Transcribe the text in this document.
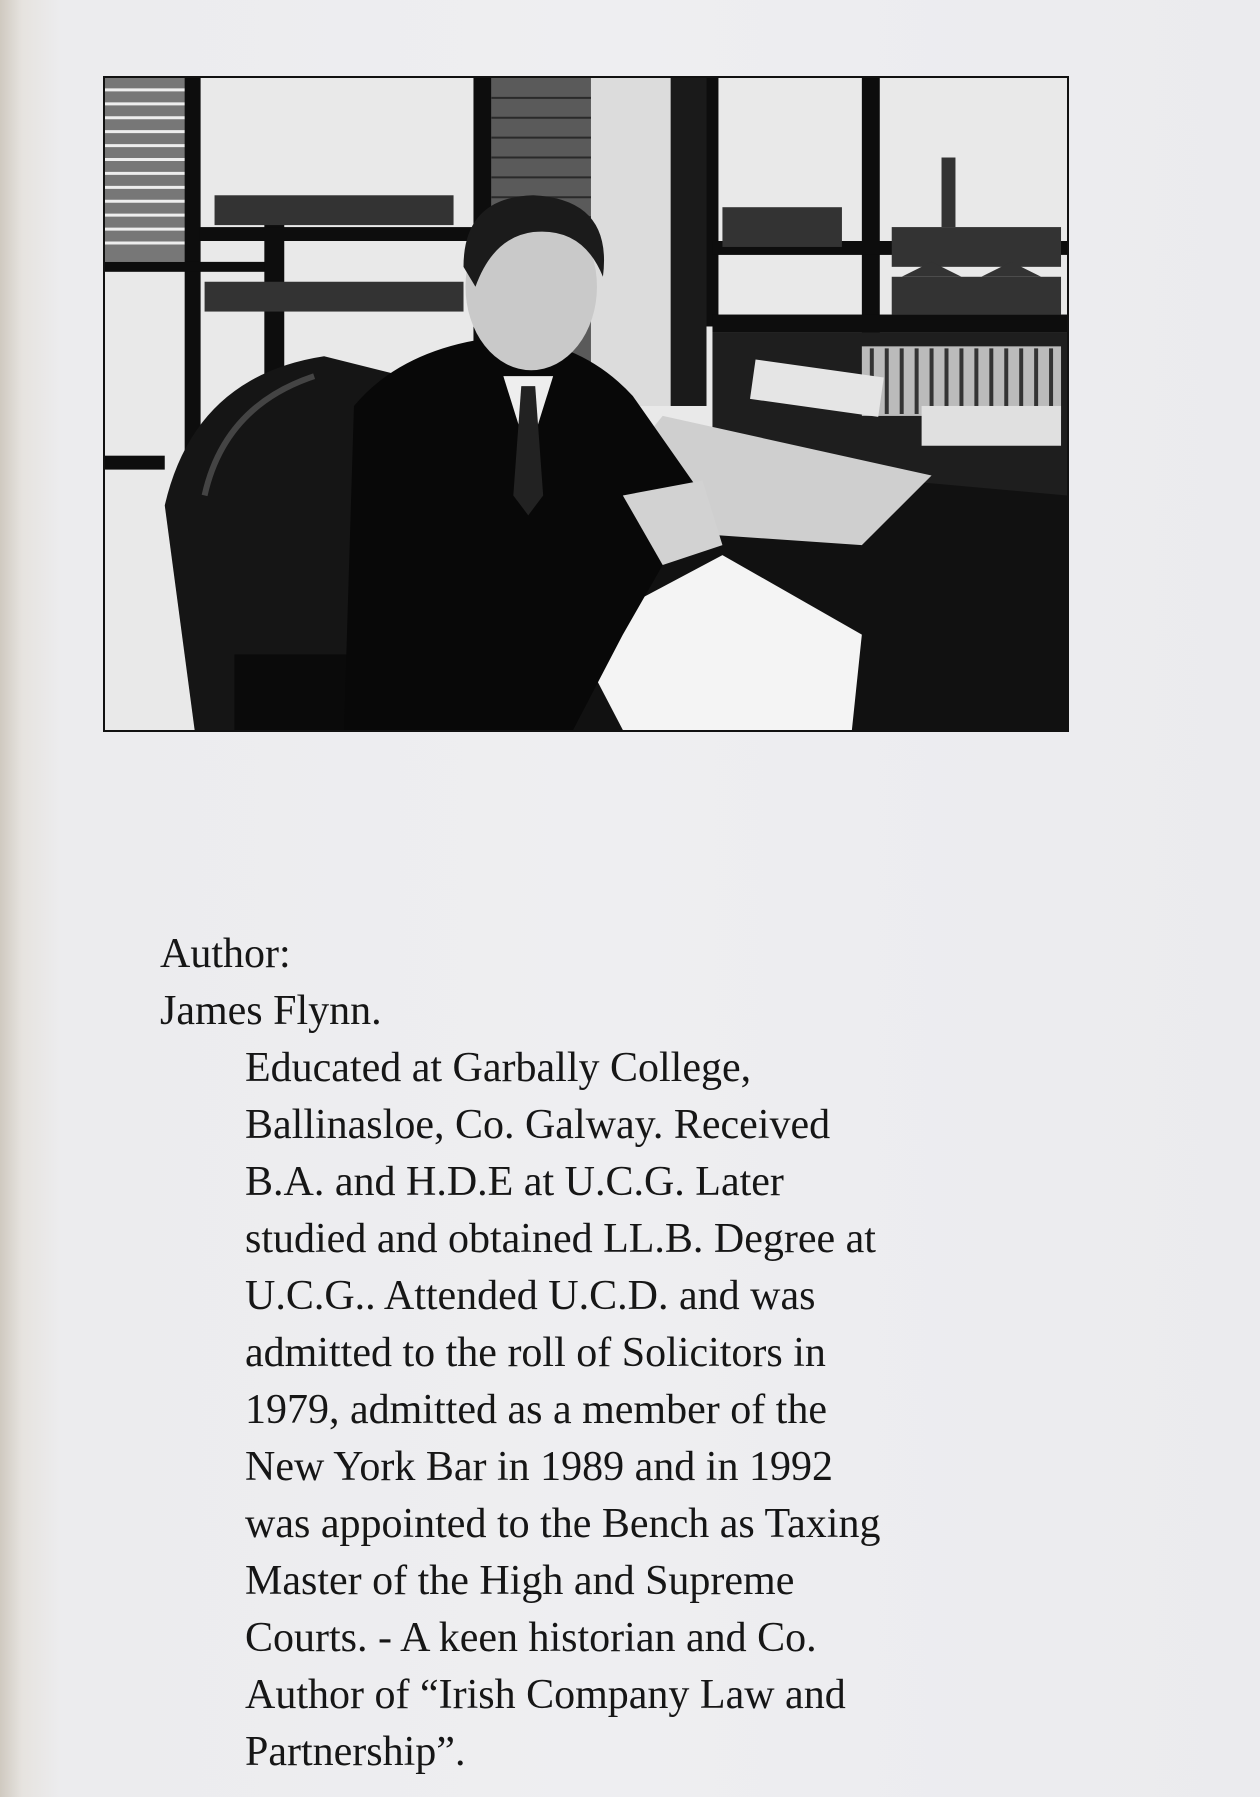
Author:
James Flynn.
Educated at Garbally College,
Ballinasloe, Co. Galway. Received
B.A. and H.D.E at U.C.G. Later
studied and obtained LL.B. Degree at
U.C.G.. Attended U.C.D. and was
admitted to the roll of Solicitors in
1979, admitted as a member of the
New York Bar in 1989 and in 1992
was appointed to the Bench as Taxing
Master of the High and Supreme
Courts. - A keen historian and Co.
Author of “Irish Company Law and
Partnership”.
